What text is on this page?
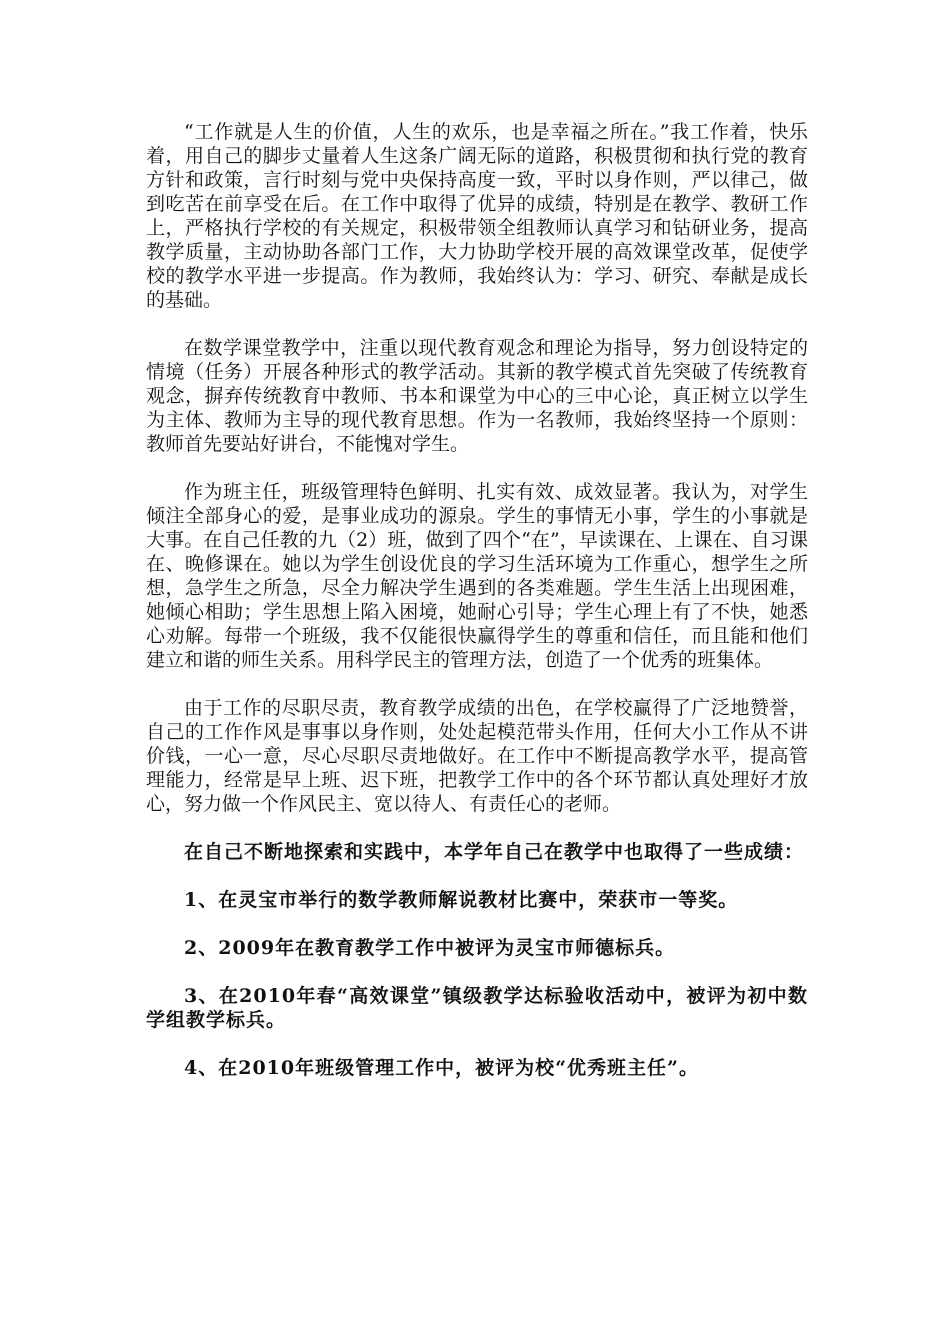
“工作就是人生的价值，人生的欢乐，也是幸福之所在。”我工作着，快乐着，用自己的脚步丈量着人生这条广阔无际的道路，积极贯彻和执行党的教育方针和政策，言行时刻与党中央保持高度一致，平时以身作则，严以律己，做到吃苦在前享受在后。在工作中取得了优异的成绩，特别是在教学、教研工作上，严格执行学校的有关规定，积极带领全组教师认真学习和钻研业务，提高教学质量，主动协助各部门工作，大力协助学校开展的高效课堂改革，促使学校的教学水平进一步提高。作为教师，我始终认为：学习、研究、奉献是成长的基础。

在数学课堂教学中，注重以现代教育观念和理论为指导，努力创设特定的情境（任务）开展各种形式的教学活动。其新的教学模式首先突破了传统教育观念，摒弃传统教育中教师、书本和课堂为中心的三中心论，真正树立以学生为主体、教师为主导的现代教育思想。作为一名教师，我始终坚持一个原则：教师首先要站好讲台，不能愧对学生。

作为班主任，班级管理特色鲜明、扎实有效、成效显著。我认为，对学生倾注全部身心的爱，是事业成功的源泉。学生的事情无小事，学生的小事就是大事。在自己任教的九（2）班，做到了四个“在”，早读课在、上课在、自习课在、晚修课在。她以为学生创设优良的学习生活环境为工作重心，想学生之所想，急学生之所急，尽全力解决学生遇到的各类难题。学生生活上出现困难，她倾心相助；学生思想上陷入困境，她耐心引导；学生心理上有了不快，她悉心劝解。每带一个班级，我不仅能很快赢得学生的尊重和信任，而且能和他们建立和谐的师生关系。用科学民主的管理方法，创造了一个优秀的班集体。

由于工作的尽职尽责，教育教学成绩的出色，在学校赢得了广泛地赞誉，自己的工作作风是事事以身作则，处处起模范带头作用，任何大小工作从不讲价钱，一心一意，尽心尽职尽责地做好。在工作中不断提高教学水平，提高管理能力，经常是早上班、迟下班，把教学工作中的各个环节都认真处理好才放心，努力做一个作风民主、宽以待人、有责任心的老师。

在自己不断地探索和实践中，本学年自己在教学中也取得了一些成绩：

1、在灵宝市举行的数学教师解说教材比赛中，荣获市一等奖。

2、2009年在教育教学工作中被评为灵宝市师德标兵。

3、在2010年春“高效课堂”镇级教学达标验收活动中，被评为初中数学组教学标兵。

4、在2010年班级管理工作中，被评为校“优秀班主任”。
